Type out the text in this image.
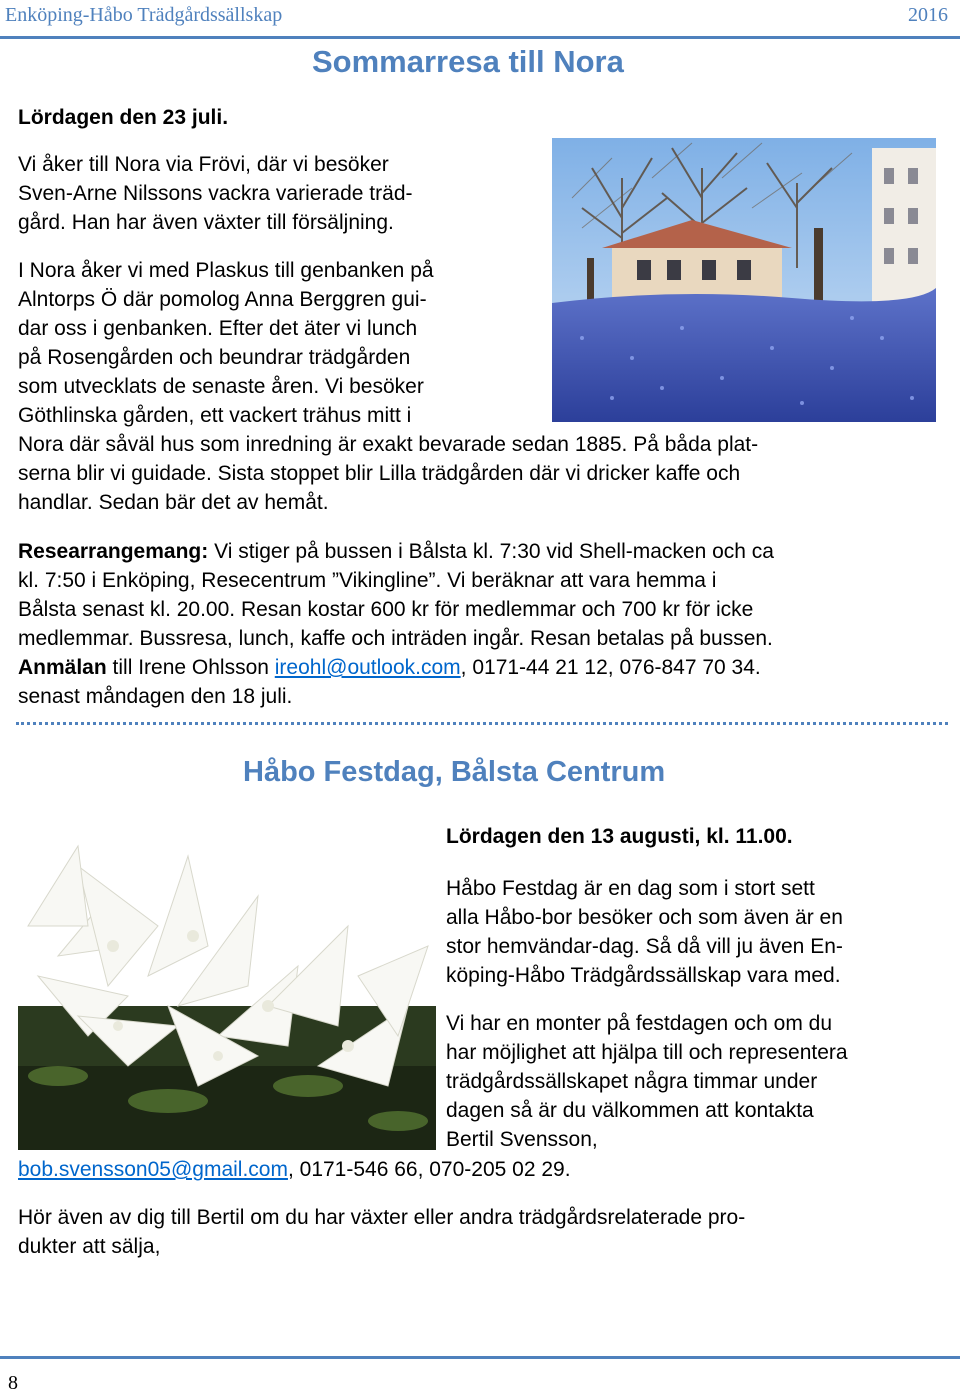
Enköping-Håbo Trädgårdssällskap	2016
Sommarresa till Nora
Lördagen den 23 juli.
Vi åker till Nora via Frövi, där vi besöker
Sven-Arne Nilssons vackra varierade träd-
gård. Han har även växter till försäljning.
I Nora åker vi med Plaskus till genbanken på
Alntorps Ö där pomolog Anna Berggren gui-
dar oss i genbanken. Efter det äter vi lunch
på Rosengården och beundrar trädgården
som utvecklats de senaste åren. Vi besöker
Göthlinska gården, ett vackert trähus mitt i
Nora där såväl hus som inredning är exakt bevarade sedan 1885. På båda plat-
serna blir vi guidade. Sista stoppet blir Lilla trädgården där vi dricker kaffe och
handlar. Sedan bär det av hemåt.
Researrangemang: Vi stiger på bussen i Bålsta kl. 7:30 vid Shell-macken och ca
kl. 7:50 i Enköping, Resecentrum ”Vikingline”. Vi beräknar att vara hemma i
Bålsta senast kl. 20.00. Resan kostar 600 kr för medlemmar och 700 kr för icke
medlemmar. Bussresa, lunch, kaffe och inträden ingår. Resan betalas på bussen.
Anmälan till Irene Ohlsson ireohl@outlook.com, 0171-44 21 12, 076-847 70 34.
senast måndagen den 18 juli.
Håbo Festdag, Bålsta Centrum
Lördagen den 13 augusti, kl. 11.00.
Håbo Festdag är en dag som i stort sett
alla Håbo-bor besöker och som även är en
stor hemvändar-dag. Så då vill ju även En-
köping-Håbo Trädgårdssällskap vara med.
Vi har en monter på festdagen och om du
har möjlighet att hjälpa till och representera
trädgårdssällskapet några timmar under
dagen så är du välkommen att kontakta
Bertil Svensson,
bob.svensson05@gmail.com, 0171-546 66, 070-205 02 29.
Hör även av dig till Bertil om du har växter eller andra trädgårdsrelaterade pro-
dukter att sälja,
8
